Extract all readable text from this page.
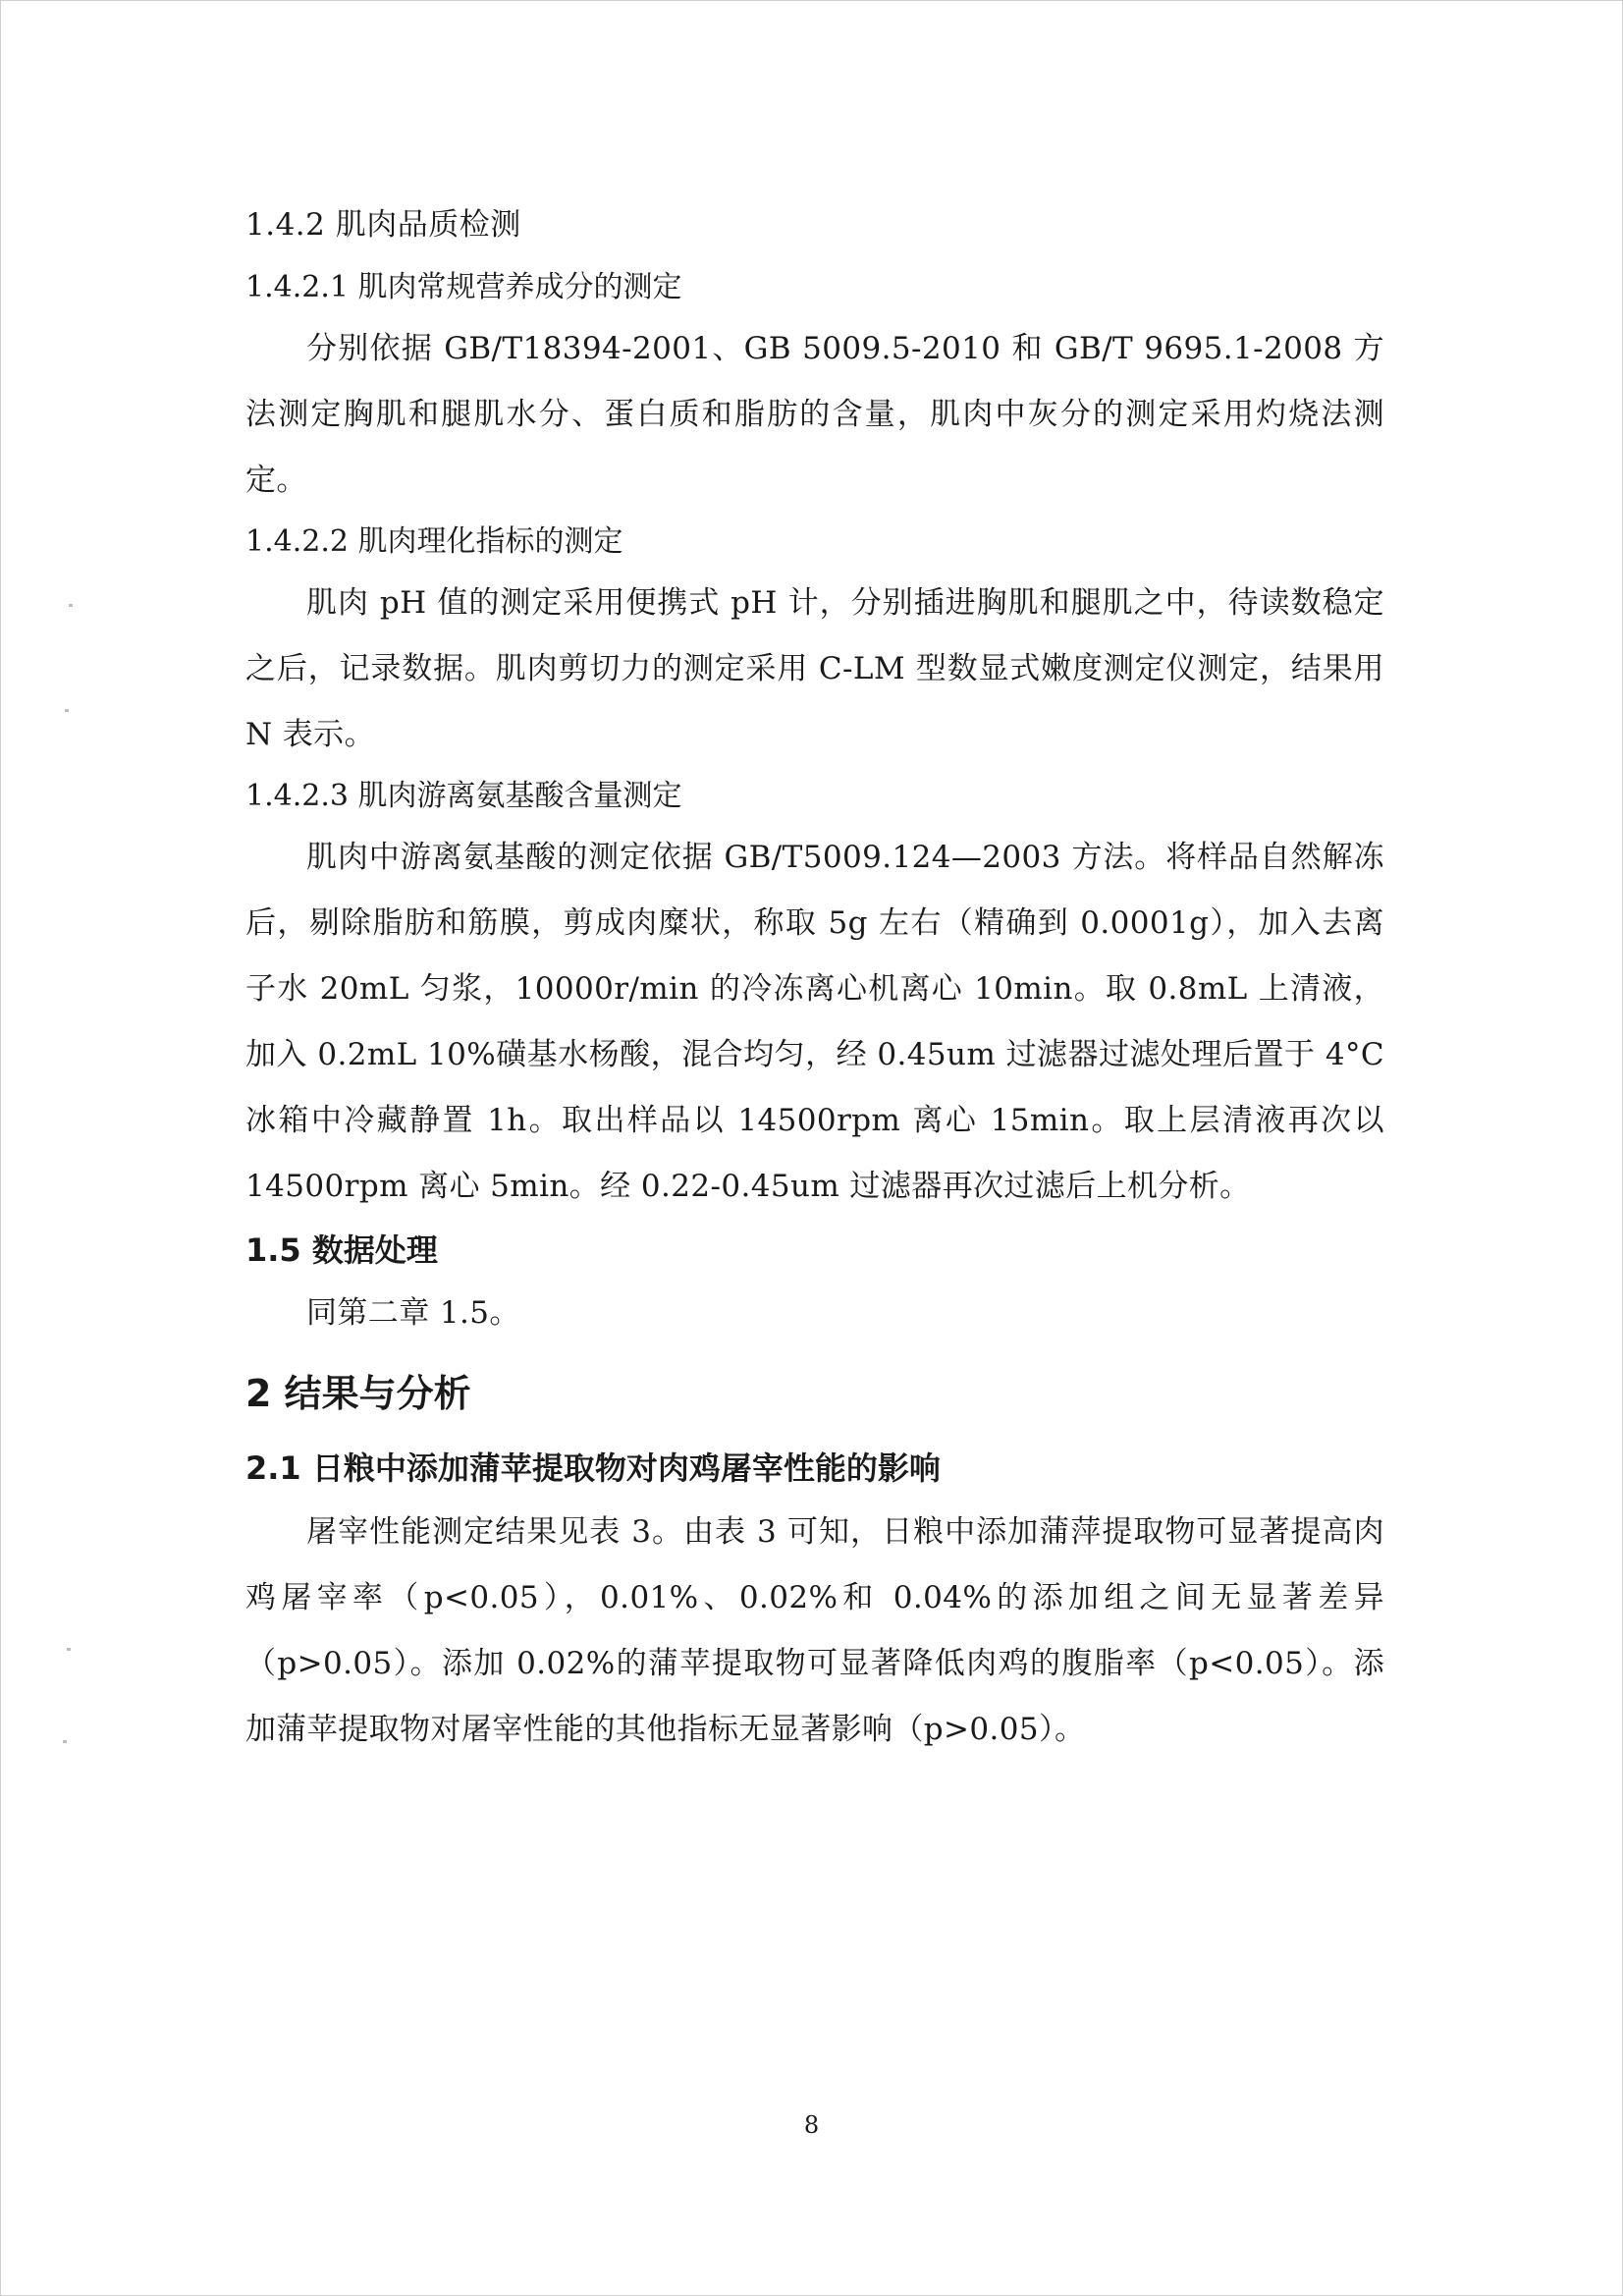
1.4.2 肌肉品质检测

1.4.2.1 肌肉常规营养成分的测定

分别依据 GB/T18394-2001、GB 5009.5-2010 和 GB/T 9695.1-2008 方法测定胸肌和腿肌水分、蛋白质和脂肪的含量，肌肉中灰分的测定采用灼烧法测定。

1.4.2.2 肌肉理化指标的测定

肌肉 pH 值的测定采用便携式 pH 计，分别插进胸肌和腿肌之中，待读数稳定之后，记录数据。肌肉剪切力的测定采用 C-LM 型数显式嫩度测定仪测定，结果用 N 表示。

1.4.2.3 肌肉游离氨基酸含量测定

肌肉中游离氨基酸的测定依据 GB/T5009.124—2003 方法。将样品自然解冻后，剔除脂肪和筋膜，剪成肉糜状，称取 5g 左右（精确到 0.0001g），加入去离子水 20mL 匀浆，10000r/min 的冷冻离心机离心 10min。取 0.8mL 上清液，加入 0.2mL 10%磺基水杨酸，混合均匀，经 0.45um 过滤器过滤处理后置于 4°C 冰箱中冷藏静置 1h。取出样品以 14500rpm 离心 15min。取上层清液再次以 14500rpm 离心 5min。经 0.22-0.45um 过滤器再次过滤后上机分析。

1.5 数据处理

同第二章 1.5。

2 结果与分析

2.1 日粮中添加蒲苹提取物对肉鸡屠宰性能的影响

屠宰性能测定结果见表 3。由表 3 可知，日粮中添加蒲萍提取物可显著提高肉鸡屠宰率（p<0.05），0.01%、0.02%和 0.04%的添加组之间无显著差异（p>0.05）。添加 0.02%的蒲苹提取物可显著降低肉鸡的腹脂率（p<0.05）。添加蒲苹提取物对屠宰性能的其他指标无显著影响（p>0.05）。

8
